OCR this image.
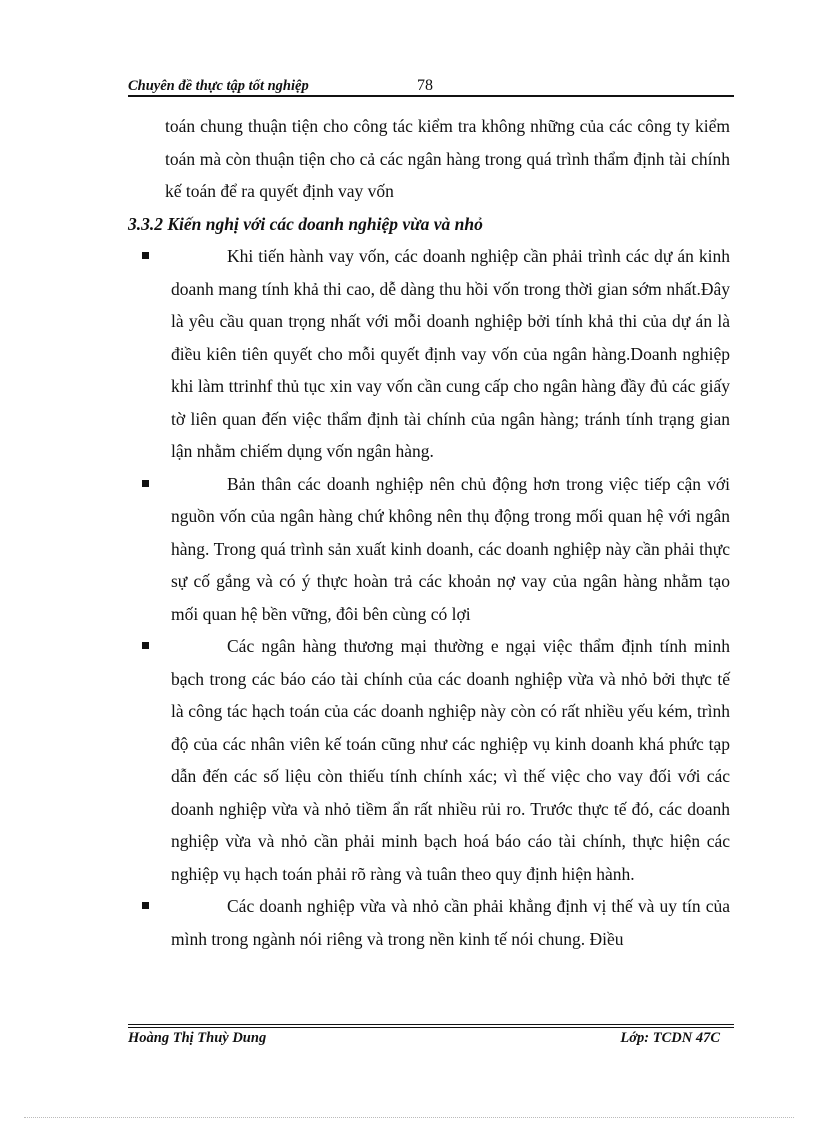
Chuyên đề thực tập tốt nghiệp	78
toán chung thuận tiện cho công tác kiểm tra không những của các công ty kiểm toán mà còn thuận tiện cho cả các ngân hàng trong quá trình thẩm định tài chính kế toán để ra quyết định vay vốn
3.3.2 Kiến nghị với các doanh nghiệp vừa và nhỏ
Khi tiến hành vay vốn, các doanh nghiệp cần phải trình các dự án kinh doanh mang tính khả thi cao, dễ dàng thu hồi vốn trong thời gian sớm nhất.Đây là yêu cầu quan trọng nhất với mỗi doanh nghiệp bởi tính khả thi của dự án là điều kiên tiên quyết cho mỗi quyết định vay vốn của ngân hàng.Doanh nghiệp khi làm ttrinhf thủ tục xin vay vốn cần cung cấp cho ngân hàng đầy đủ các giấy tờ liên quan đến việc thẩm định tài chính của ngân hàng; tránh tính trạng gian lận nhằm chiếm dụng vốn ngân hàng.
Bản thân các doanh nghiệp nên chủ động hơn trong việc tiếp cận với nguồn vốn của ngân hàng chứ không nên thụ động trong mối quan hệ với ngân hàng. Trong quá trình sản xuất kinh doanh, các doanh nghiệp này cần phải thực sự cố gắng và có ý thực hoàn trả các khoản nợ vay của ngân hàng nhằm tạo mối quan hệ bền vững, đôi bên cùng có lợi
Các ngân hàng thương mại thường e ngại việc thẩm định tính minh bạch trong các báo cáo tài chính của các doanh nghiệp vừa và nhỏ bởi thực tế là công tác hạch toán của các doanh nghiệp này còn có rất nhiều yếu kém, trình độ của các nhân viên kế toán cũng như các nghiệp vụ kinh doanh khá phức tạp dẫn đến các số liệu còn thiếu tính chính xác; vì thế việc cho vay đối với các doanh nghiệp vừa và nhỏ tiềm ẩn rất nhiều rủi ro. Trước thực tế đó, các doanh nghiệp vừa và nhỏ cần phải minh bạch hoá báo cáo tài chính, thực hiện các nghiệp vụ hạch toán phải rõ ràng và tuân theo quy định hiện hành.
Các doanh nghiệp vừa và nhỏ cần phải khẳng định vị thế và uy tín của mình trong ngành nói riêng và trong nền kinh tế nói chung. Điều
Hoàng Thị Thuỳ Dung	Lớp: TCDN 47C
